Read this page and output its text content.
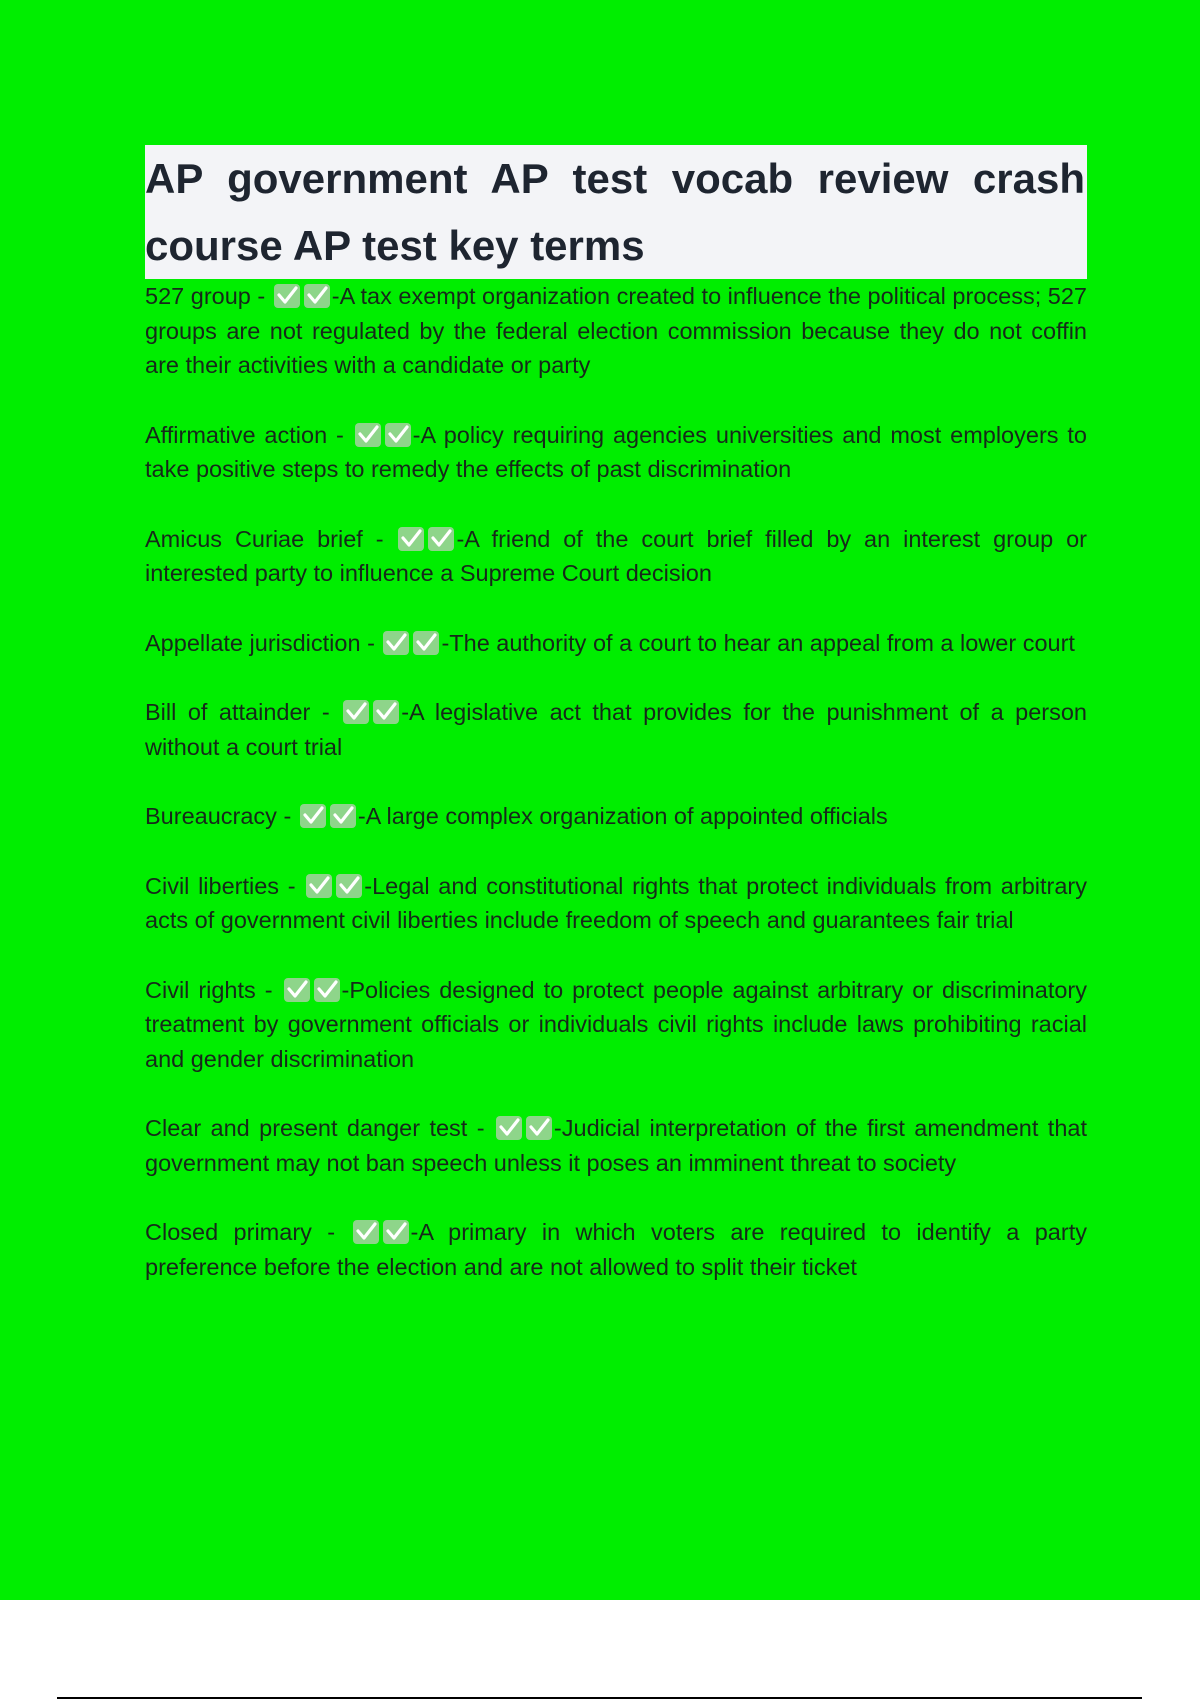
AP government AP test vocab review crash course AP test key terms

527 group -	-A tax exempt organization created to influence the political process; 527 groups are not regulated by the federal election commission because they do not coffin are their activities with a candidate or party

Affirmative action -	-A policy requiring agencies universities and most employers to take positive steps to remedy the effects of past discrimination

Amicus Curiae brief -	-A friend of the court brief filled by an interest group or interested party to influence a Supreme Court decision

Appellate jurisdiction -	-The authority of a court to hear an appeal from a lower court

Bill of attainder -	-A legislative act that provides for the punishment of a person without a court trial

Bureaucracy -	-A large complex organization of appointed officials

Civil liberties -	-Legal and constitutional rights that protect individuals from arbitrary acts of government civil liberties include freedom of speech and guarantees fair trial

Civil rights -	-Policies designed to protect people against arbitrary or discriminatory treatment by government officials or individuals civil rights include laws prohibiting racial and gender discrimination

Clear and present danger test -	-Judicial interpretation of the first amendment that government may not ban speech unless it poses an imminent threat to society

Closed primary -	-A primary in which voters are required to identify a party preference before the election and are not allowed to split their ticket
